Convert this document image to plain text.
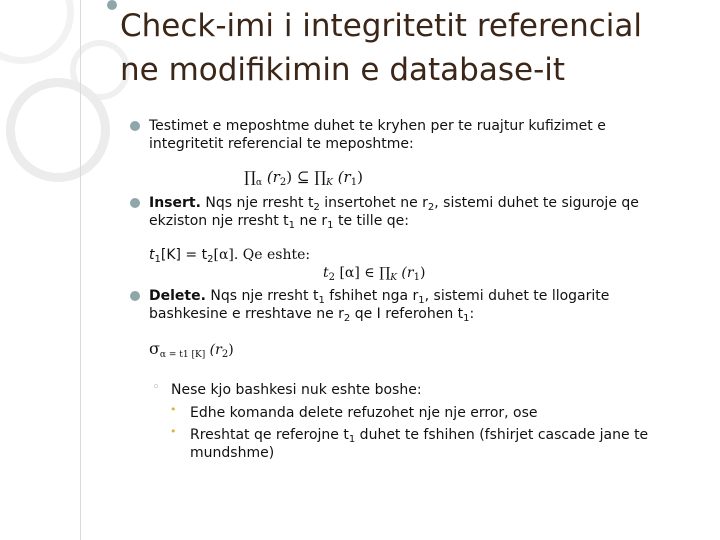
Check-imi i integritetit referencial
ne modifikimin e database-it
Testimet e meposhtme duhet te kryhen per te ruajtur kufizimet e
integritetit referencial te meposhtme:
$\prod_\alpha$ $(r_2)$ ⊆ $\prod_K$ $(r_1)$
Insert. Nqs nje rresht $t_2$ insertohet ne $r_2$, sistemi duhet te siguroje qe
ekziston nje rresht $t_1$ ne $r_1$ te tille qe:
$t_1[K] = t_2[\alpha]$. Qe eshte:
$t_2$ [α] ∈ $\prod_K$ $(r_1)$
Delete. Nqs nje rresht $t_1$ fshihet nga $r_1$, sistemi duhet te llogarite
bashkesine e rreshtave ne $r_2$ qe I referohen $t_1$:
$\sigma_{\alpha = t1 [K]}$ $(r_2)$
◦ Nese kjo bashkesi nuk eshte boshe:
• Edhe komanda delete refuzohet nje nje error, ose
• Rreshtat qe referojne $t_1$ duhet te fshihen (fshirjet cascade jane te
mundshme)
